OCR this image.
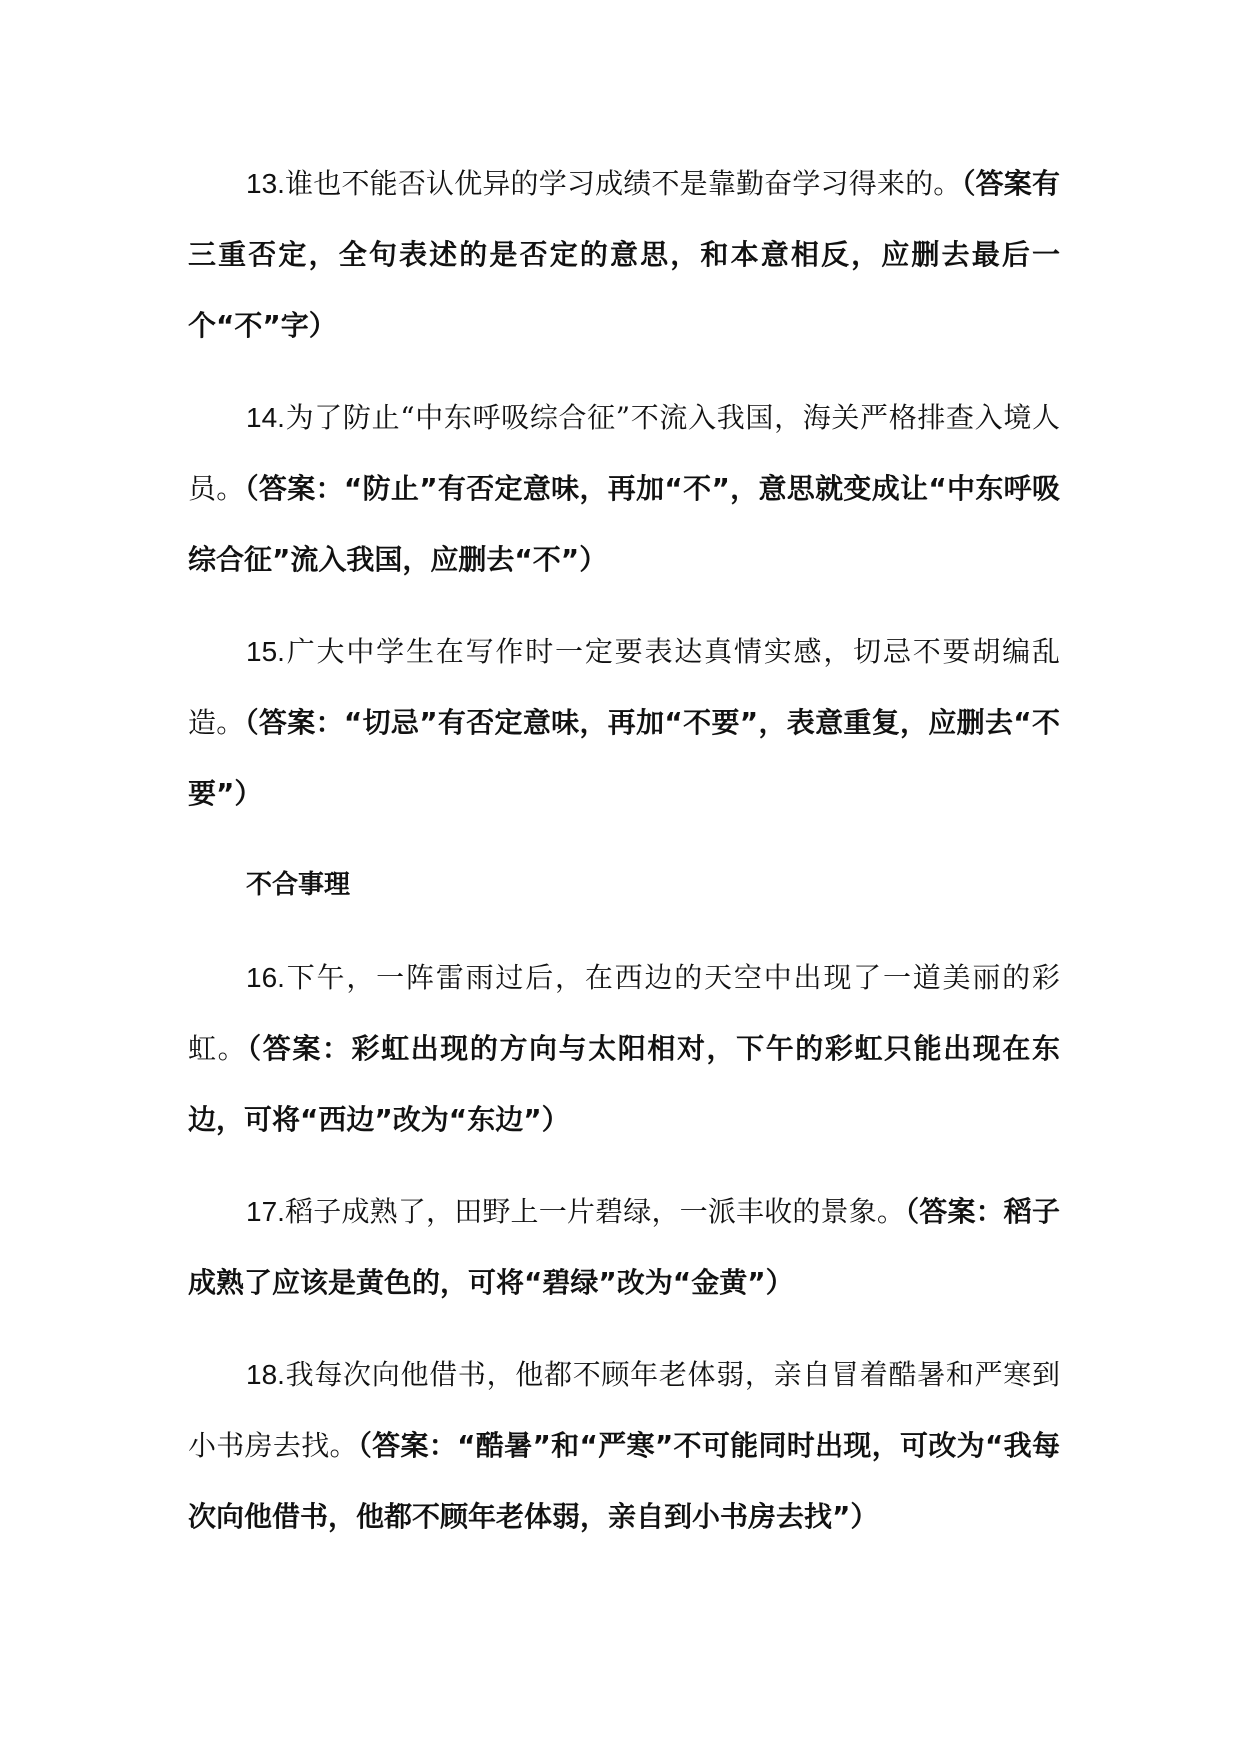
13.谁也不能否认优异的学习成绩不是靠勤奋学习得来的。（答案有三重否定，全句表述的是否定的意思，和本意相反，应删去最后一个“不”字）

14.为了防止“中东呼吸综合征”不流入我国，海关严格排查入境人员。（答案：“防止”有否定意味，再加“不”，意思就变成让“中东呼吸综合征”流入我国，应删去“不”）

15.广大中学生在写作时一定要表达真情实感，切忌不要胡编乱造。（答案：“切忌”有否定意味，再加“不要”，表意重复，应删去“不要”）

不合事理

16.下午，一阵雷雨过后，在西边的天空中出现了一道美丽的彩虹。（答案：彩虹出现的方向与太阳相对，下午的彩虹只能出现在东边，可将“西边”改为“东边”）

17.稻子成熟了，田野上一片碧绿，一派丰收的景象。（答案：稻子成熟了应该是黄色的，可将“碧绿”改为“金黄”）

18.我每次向他借书，他都不顾年老体弱，亲自冒着酷暑和严寒到小书房去找。（答案：“酷暑”和“严寒”不可能同时出现，可改为“我每次向他借书，他都不顾年老体弱，亲自到小书房去找”）
